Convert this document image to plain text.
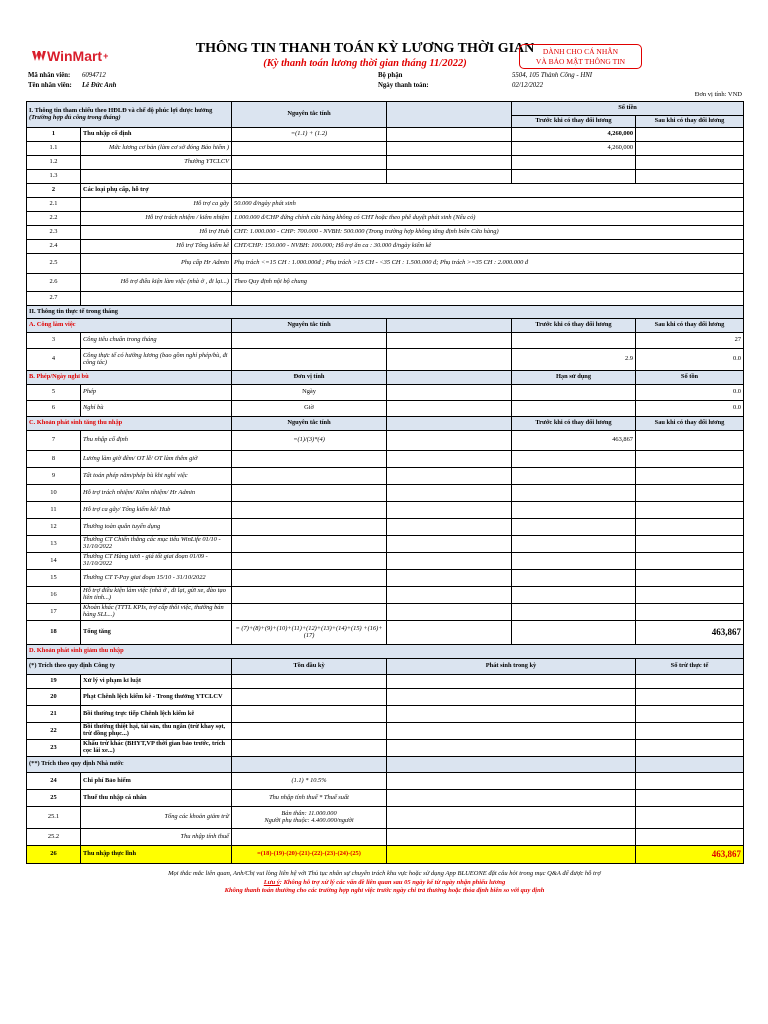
WinMart +	THÔNG TIN THANH TOÁN KỲ LƯƠNG THỜI GIAN
(Kỳ thanh toán lương thời gian tháng 11/2022)
DÀNH CHO CÁ NHÂN
VÀ BẢO MẬT THÔNG TIN
Mã nhân viên: 6094712
Tên nhân viên: Lê Đức Anh
Bộ phận	5504, 105 Thành Công - HNI
Ngày thanh toán:	02/12/2022
Đơn vị tính: VND
I. Thông tin tham chiếu theo HĐLĐ và chế độ phúc lợi được hưởng (Trường hợp đủ công trong tháng)		Nguyên tắc tính		Số tiền	
				Trước khi có thay đổi lương	Sau khi có thay đổi lương
1	Thu nhập cố định	=(1.1) + (1.2)		4,260,000	
1.1	Mức lương cơ bản (làm cơ sở đóng Bảo hiểm )			4,260,000	
1.2	Thưởng YTCLCV				
1.3					
2	Các loại phụ cấp, hỗ trợ				
2.1	Hỗ trợ ca gãy	50.000 đ/ngày phát sinh			
2.2	Hỗ trợ trách nhiệm / kiêm nhiệm	1.000.000 đ/CHP đứng chính cửa hàng không có CHT hoặc theo phê duyệt phát sinh (Nếu có)			
2.3	Hỗ trợ Hub	CHT: 1.000.000 - CHP: 700.000 - NVBH: 500.000 (Trong trường hợp không tăng định biên Cửa hàng)			
2.4	Hỗ trợ Tổng kiểm kê	CHT/CHP: 150.000 - NVBH: 100.000; Hỗ trợ ăn ca : 30.000 đ/ngày kiểm kê			
2.5	Phụ cấp Hr Admin	Phụ trách <=15 CH : 1.000.000đ ; Phụ trách >15 CH - <35 CH : 1.500.000 đ; Phụ trách >=35 CH : 2.000.000 đ			
2.6	Hỗ trợ điều kiện làm việc (nhà ở , đi lại...)	Theo Quy định nội bộ chung			
2.7					
II. Thông tin thực tế trong tháng					
A. Công làm việc		Nguyên tắc tính		Trước khi có thay đổi lương	Sau khi có thay đổi lương
3	Công tiêu chuẩn trong tháng				27
4	Công thực tế có hưởng lương (bao gồm nghỉ phép/bù, đi công tác)			2.9	0.0
B. Phép/Ngày nghỉ bù		Đơn vị tính		Hạn sử dụng	Số tồn
5	Phép	Ngày			0.0
6	Nghỉ bù	Giờ			0.0
C. Khoản phát sinh tăng thu nhập		Nguyên tắc tính		Trước khi có thay đổi lương	Sau khi có thay đổi lương
7	Thu nhập cố định	=(1)/(3)*(4)		463,867	
8	Lương làm giờ đêm/ OT lễ/ OT làm thêm giờ				
9	Tất toán phép năm/phép bù khi nghỉ việc				
10	Hỗ trợ trách nhiệm/ Kiêm nhiệm/ Hr Admin				
11	Hỗ trợ ca gãy/ Tổng kiểm kê/ Hub				
12	Thưởng toàn quân tuyển dụng				
13	Thưởng CT Chiến thắng các mục tiêu WinLife 01/10 - 31/10/2022				
14	Thưởng CT Hàng tươi - giá tốt giai đoạn 01/09 - 31/10/2022				
15	Thưởng CT T-Pay giai đoạn 15/10 - 31/10/2022				
16	Hỗ trợ điều kiện làm việc (nhà ở , đi lại, gửi xe, đào tạo liên tỉnh...)				
17	Khoản khác (TTTL KPIs, trợ cấp thôi việc, thưởng bán hàng SLL...)				
18	Tổng tăng	= (7)+(8)+(9)+(10)+(11)+(12)+(13)+(14)+(15) +(16)+(17)			463,867
D. Khoản phát sinh giảm thu nhập					
(*) Trích theo quy định Công ty		Tồn đầu kỳ	Phát sinh trong kỳ		Số trừ thực tế
19	Xử lý vi phạm kỉ luật				
20	Phạt Chênh lệch kiểm kê - Trong thưởng YTCLCV				
21	Bồi thường trực tiếp Chênh lệch kiểm kê				
22	Bồi thường thiệt hại, tài sản, thu ngân (trừ khay sọt, trừ đồng phục...)				
23	Khấu trừ khác (BHYT,VP thời gian bảo trước, trích cọc lái xe...)				
(**) Trích theo quy định Nhà nước					
24	Chi phí Bảo hiểm	(1.1) * 10.5%			
25	Thuế thu nhập cá nhân	Thu nhập tính thuế * Thuế suất			
25.1	Tổng các khoản giảm trừ	Bản thân: 11.000.000
Người phụ thuộc: 4.400.000/người			
25.2	Thu nhập tính thuế				
26	Thu nhập thực lĩnh	=(18)-(19)-(20)-(21)-(22)-(23)-(24)-(25)			463,867
Mọi thắc mắc liên quan, Anh/Chị vui lòng liên hệ với Thủ tục nhân sự chuyên trách khu vực hoặc sử dụng App BLUEONE đặt câu hỏi trong mục Q&A để được hỗ trợ
Lưu ý: Không hỗ trợ xử lý các vấn đề liên quan sau 05 ngày kể từ ngày nhận phiếu lương
Không thanh toán thưởng cho các trường hợp nghỉ việc trước ngày chi trả thưởng hoặc thỏa định biên so với quy định
